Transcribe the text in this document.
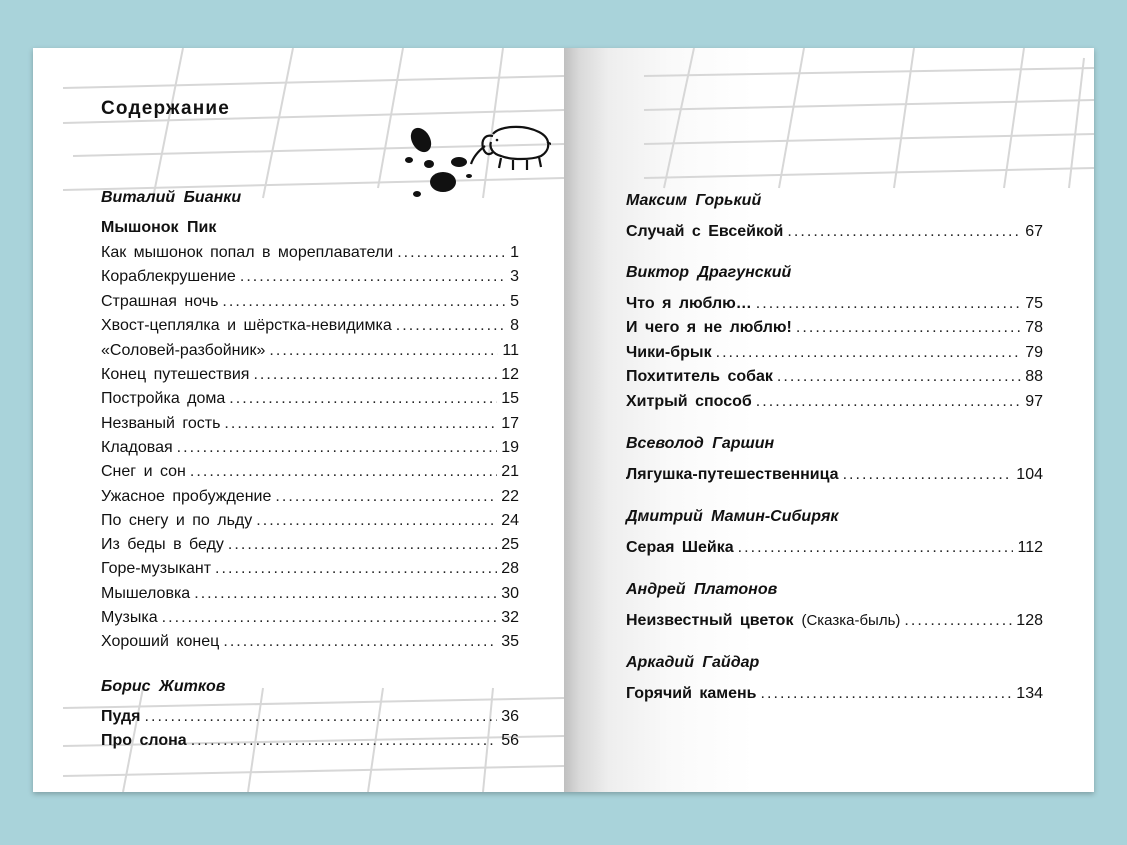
Содержание
Виталий Бианки
Мышонок Пик
Как мышонок попал в мореплаватели . . .	1
Кораблекрушение . . .	3
Страшная ночь . . .	5
Хвост-цеплялка и шёрстка-невидимка . . .	8
«Соловей-разбойник» . . .	11
Конец путешествия . . .	12
Постройка дома . . .	15
Незваный гость . . .	17
Кладовая . . .	19
Снег и сон . . .	21
Ужасное пробуждение . . .	22
По снегу и по льду . . .	24
Из беды в беду . . .	25
Горе-музыкант . . .	28
Мышеловка . . .	30
Музыка . . .	32
Хороший конец . . .	35
Борис Житков
Пудя . . .	36
Про слона . . .	56
Максим Горький
Случай с Евсейкой . . .	67
Виктор Драгунский
Что я люблю… . . .	75
И чего я не люблю! . . .	78
Чики-брык . . .	79
Похититель собак . . .	88
Хитрый способ . . .	97
Всеволод Гаршин
Лягушка-путешественница . . .	104
Дмитрий Мамин-Сибиряк
Серая Шейка . . .	112
Андрей Платонов
Неизвестный цветок (Сказка-быль) . . .	128
Аркадий Гайдар
Горячий камень . . .	134
